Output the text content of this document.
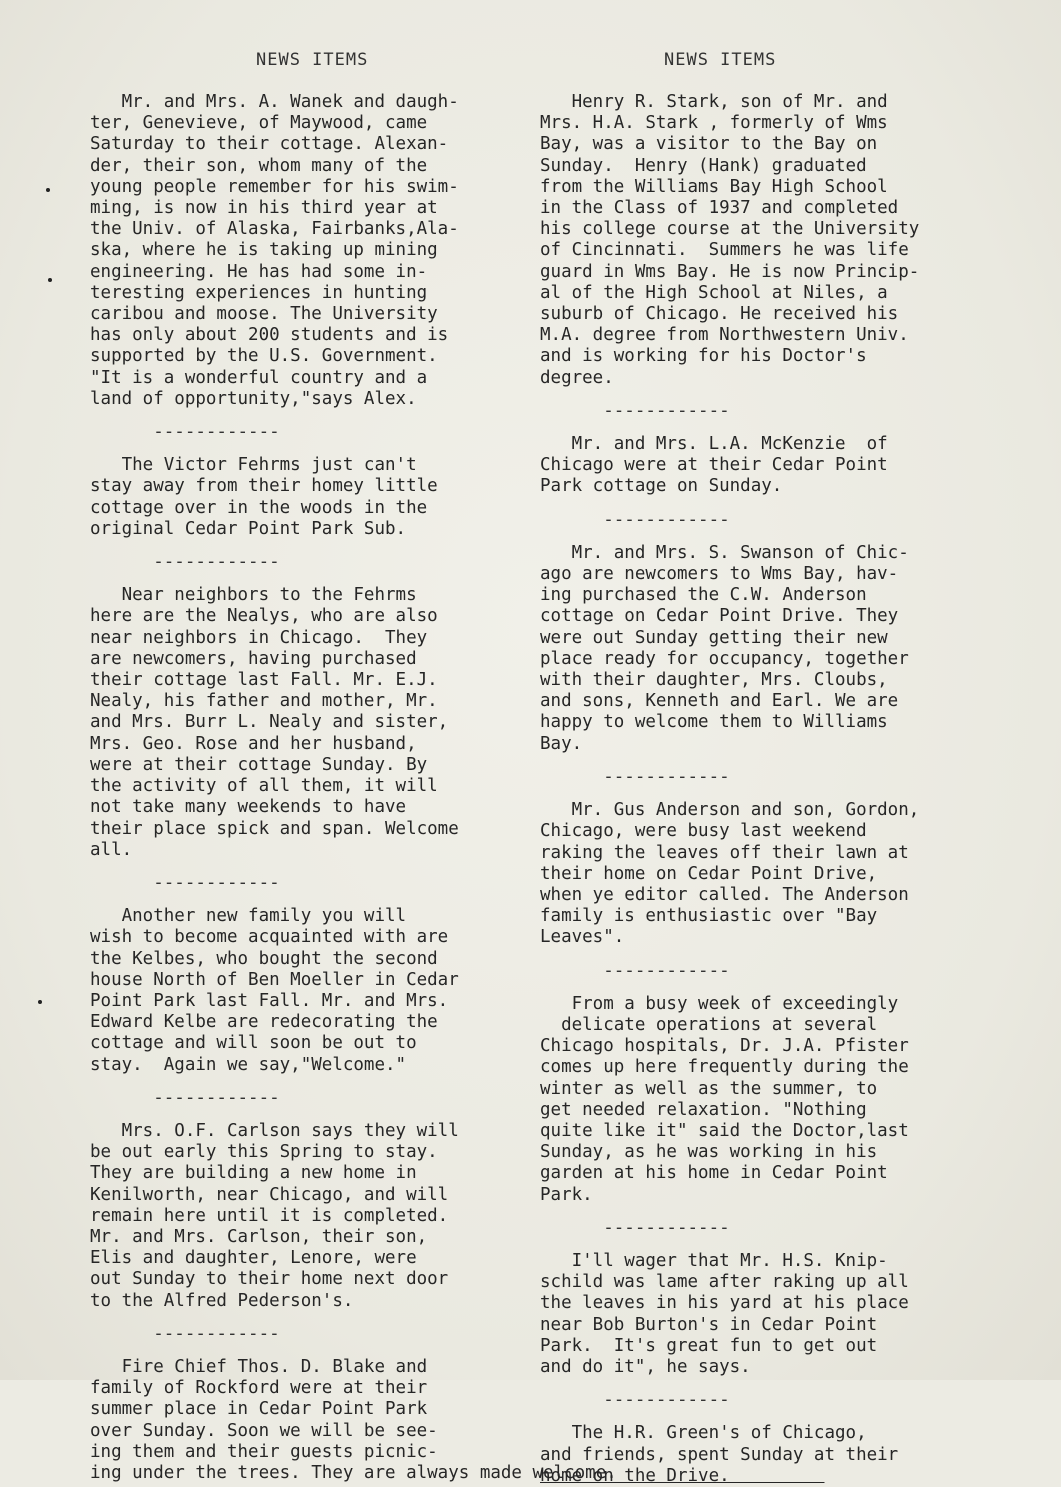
NEWS ITEMS	NEWS ITEMS
Mr. and Mrs. A. Wanek and daugh-
ter, Genevieve, of Maywood, came
Saturday to their cottage. Alexan-
der, their son, whom many of the
young people remember for his swim-
ming, is now in his third year at
the Univ. of Alaska, Fairbanks,Ala-
ska, where he is taking up mining
engineering. He has had some in-
teresting experiences in hunting
caribou and moose. The University
has only about 200 students and is
supported by the U.S. Government.
"It is a wonderful country and a
land of opportunity,"says Alex.
------------
The Victor Fehrms just can't
stay away from their homey little
cottage over in the woods in the
original Cedar Point Park Sub.
------------
Near neighbors to the Fehrms
here are the Nealys, who are also
near neighbors in Chicago.  They
are newcomers, having purchased
their cottage last Fall. Mr. E.J.
Nealy, his father and mother, Mr.
and Mrs. Burr L. Nealy and sister,
Mrs. Geo. Rose and her husband,
were at their cottage Sunday. By
the activity of all them, it will
not take many weekends to have
their place spick and span. Welcome
all.
------------
Another new family you will
wish to become acquainted with are
the Kelbes, who bought the second
house North of Ben Moeller in Cedar
Point Park last Fall. Mr. and Mrs.
Edward Kelbe are redecorating the
cottage and will soon be out to
stay.  Again we say,"Welcome."
------------
Mrs. O.F. Carlson says they will
be out early this Spring to stay.
They are building a new home in
Kenilworth, near Chicago, and will
remain here until it is completed.
Mr. and Mrs. Carlson, their son,
Elis and daughter, Lenore, were
out Sunday to their home next door
to the Alfred Pederson's.
------------
Fire Chief Thos. D. Blake and
family of Rockford were at their
summer place in Cedar Point Park
over Sunday. Soon we will be see-
ing them and their guests picnic-
ing under the trees. They are always made welcome.
Henry R. Stark, son of Mr. and
Mrs. H.A. Stark , formerly of Wms
Bay, was a visitor to the Bay on
Sunday.  Henry (Hank) graduated
from the Williams Bay High School
in the Class of 1937 and completed
his college course at the University
of Cincinnati.  Summers he was life
guard in Wms Bay. He is now Princip-
al of the High School at Niles, a
suburb of Chicago. He received his
M.A. degree from Northwestern Univ.
and is working for his Doctor's
degree.
------------
Mr. and Mrs. L.A. McKenzie  of
Chicago were at their Cedar Point
Park cottage on Sunday.
------------
Mr. and Mrs. S. Swanson of Chic-
ago are newcomers to Wms Bay, hav-
ing purchased the C.W. Anderson
cottage on Cedar Point Drive. They
were out Sunday getting their new
place ready for occupancy, together
with their daughter, Mrs. Cloubs,
and sons, Kenneth and Earl. We are
happy to welcome them to Williams
Bay.
------------
Mr. Gus Anderson and son, Gordon,
Chicago, were busy last weekend
raking the leaves off their lawn at
their home on Cedar Point Drive,
when ye editor called. The Anderson
family is enthusiastic over "Bay
Leaves".
------------
From a busy week of exceedingly
delicate operations at several
Chicago hospitals, Dr. J.A. Pfister
comes up here frequently during the
winter as well as the summer, to
get needed relaxation. "Nothing
quite like it" said the Doctor,last
Sunday, as he was working in his
garden at his home in Cedar Point
Park.
------------
I'll wager that Mr. H.S. Knip-
schild was lame after raking up all
the leaves in his yard at his place
near Bob Burton's in Cedar Point
Park.  It's great fun to get out
and do it", he says.
------------
The H.R. Green's of Chicago,
and friends, spent Sunday at their
home on the Drive.
